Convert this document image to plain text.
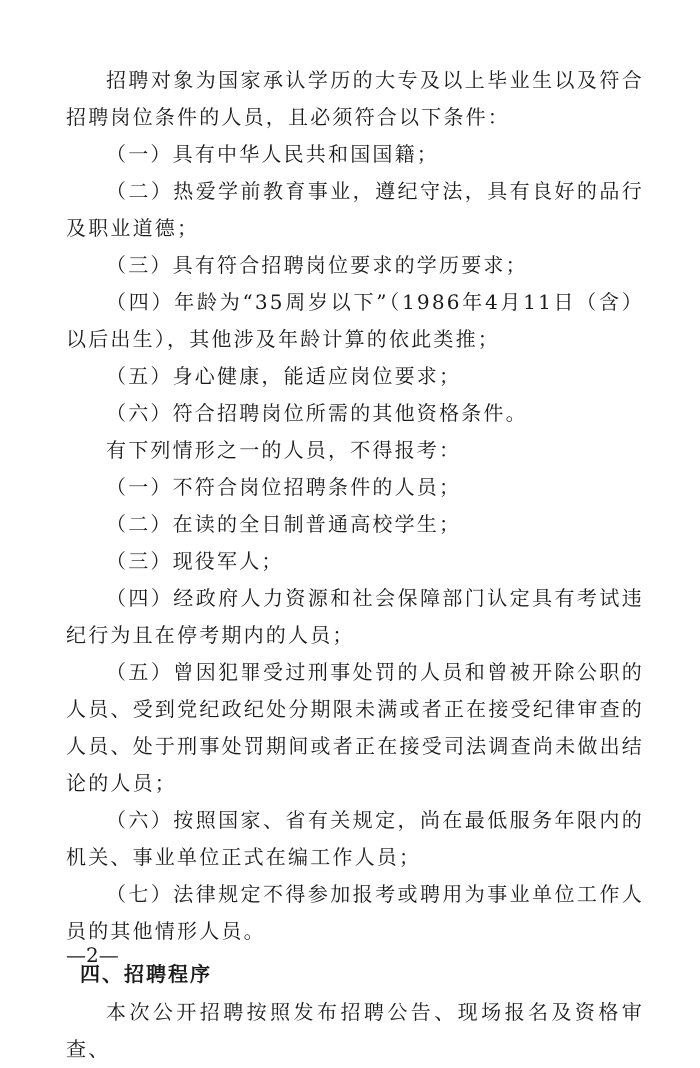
招聘对象为国家承认学历的大专及以上毕业生以及符合招聘岗位条件的人员，且必须符合以下条件：

（一）具有中华人民共和国国籍；

（二）热爱学前教育事业，遵纪守法，具有良好的品行及职业道德；

（三）具有符合招聘岗位要求的学历要求；

（四）年龄为“35周岁以下”（1986年4月11日（含）以后出生），其他涉及年龄计算的依此类推；

（五）身心健康，能适应岗位要求；

（六）符合招聘岗位所需的其他资格条件。

有下列情形之一的人员，不得报考：

（一）不符合岗位招聘条件的人员；

（二）在读的全日制普通高校学生；

（三）现役军人；

（四）经政府人力资源和社会保障部门认定具有考试违纪行为且在停考期内的人员；

（五）曾因犯罪受过刑事处罚的人员和曾被开除公职的人员、受到党纪政纪处分期限未满或者正在接受纪律审查的人员、处于刑事处罚期间或者正在接受司法调查尚未做出结论的人员；

（六）按照国家、省有关规定，尚在最低服务年限内的机关、事业单位正式在编工作人员；

（七）法律规定不得参加报考或聘用为事业单位工作人员的其他情形人员。

四、招聘程序

本次公开招聘按照发布招聘公告、现场报名及资格审查、

—2—
